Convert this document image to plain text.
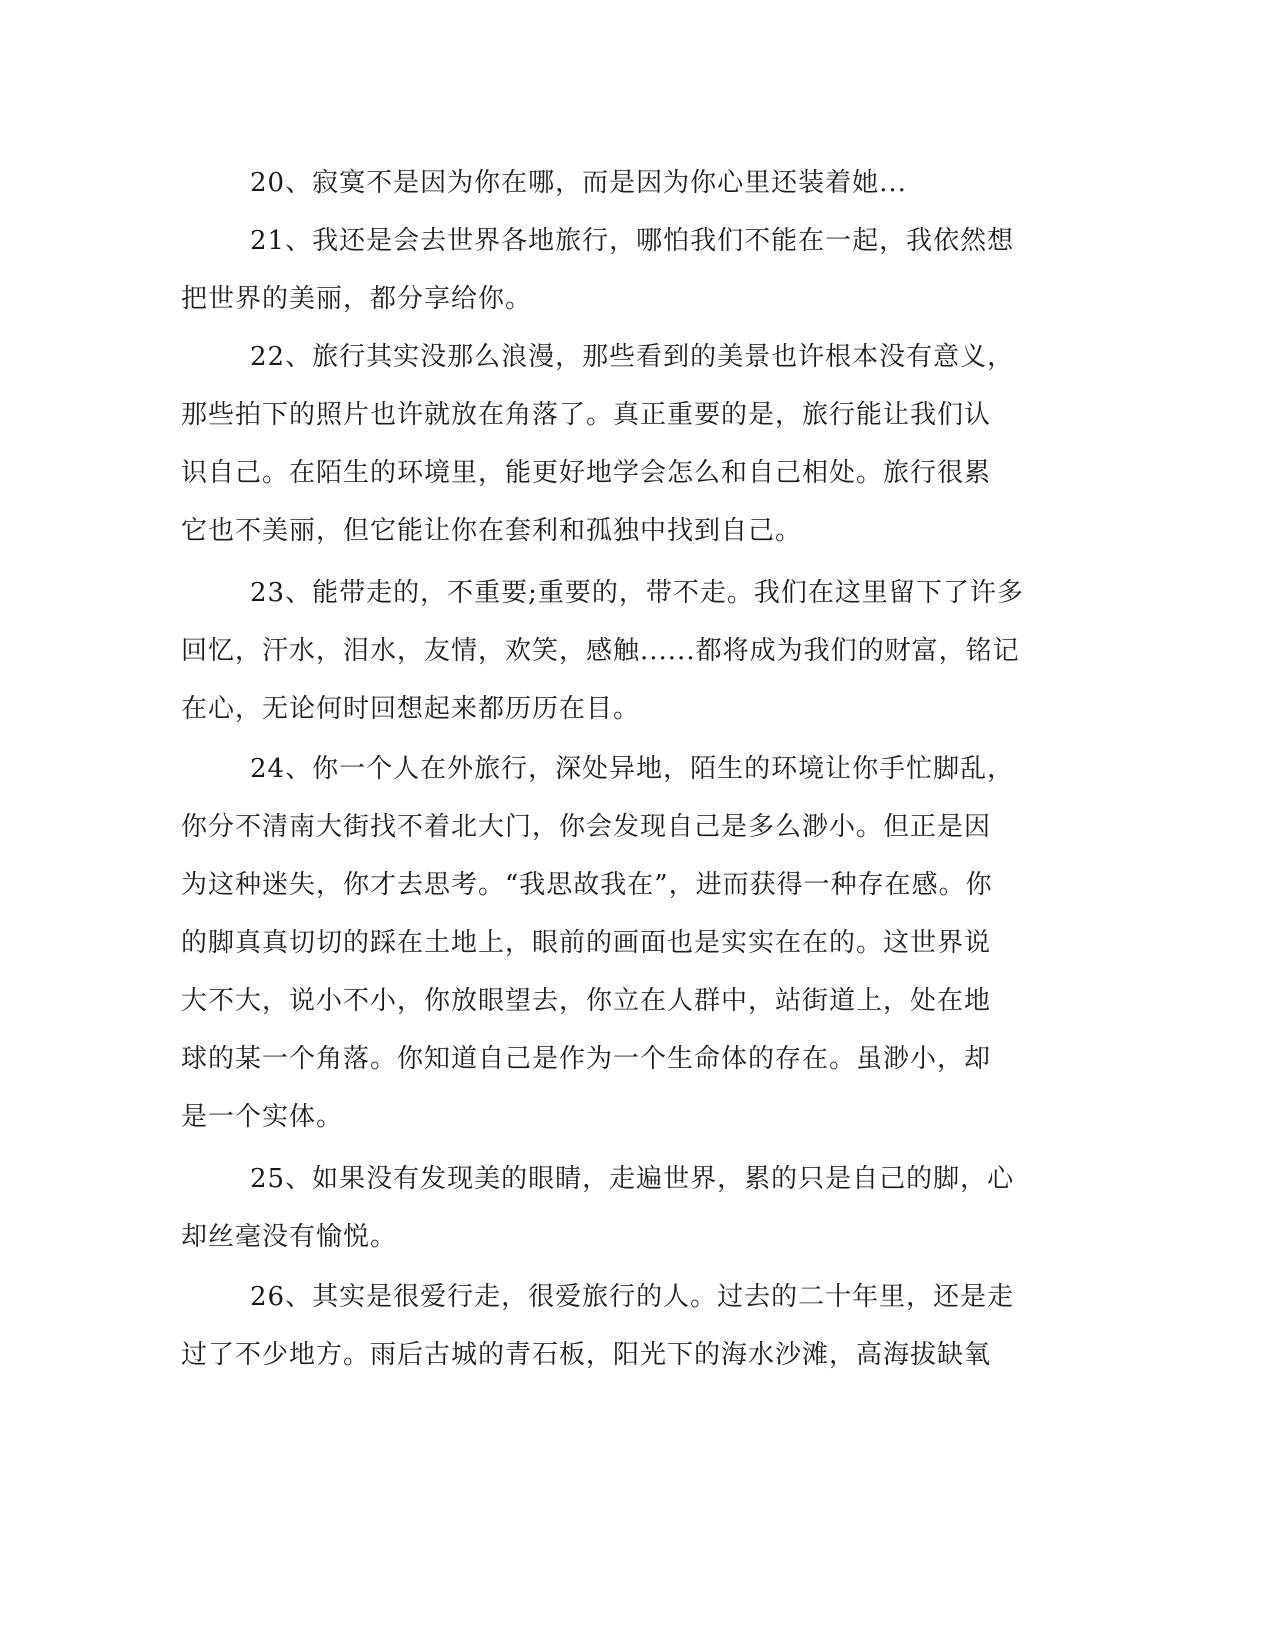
20、寂寞不是因为你在哪，而是因为你心里还装着她...
21、我还是会去世界各地旅行，哪怕我们不能在一起，我依然想
把世界的美丽，都分享给你。
22、旅行其实没那么浪漫，那些看到的美景也许根本没有意义，
那些拍下的照片也许就放在角落了。真正重要的是，旅行能让我们认
识自己。在陌生的环境里，能更好地学会怎么和自己相处。旅行很累
它也不美丽，但它能让你在套利和孤独中找到自己。
23、能带走的，不重要;重要的，带不走。我们在这里留下了许多
回忆，汗水，泪水，友情，欢笑，感触......都将成为我们的财富，铭记
在心，无论何时回想起来都历历在目。
24、你一个人在外旅行，深处异地，陌生的环境让你手忙脚乱，
你分不清南大街找不着北大门，你会发现自己是多么渺小。但正是因
为这种迷失，你才去思考。“我思故我在”，进而获得一种存在感。你
的脚真真切切的踩在土地上，眼前的画面也是实实在在的。这世界说
大不大，说小不小，你放眼望去，你立在人群中，站街道上，处在地
球的某一个角落。你知道自己是作为一个生命体的存在。虽渺小，却
是一个实体。
25、如果没有发现美的眼睛，走遍世界，累的只是自己的脚，心
却丝毫没有愉悦。
26、其实是很爱行走，很爱旅行的人。过去的二十年里，还是走
过了不少地方。雨后古城的青石板，阳光下的海水沙滩，高海拔缺氧
